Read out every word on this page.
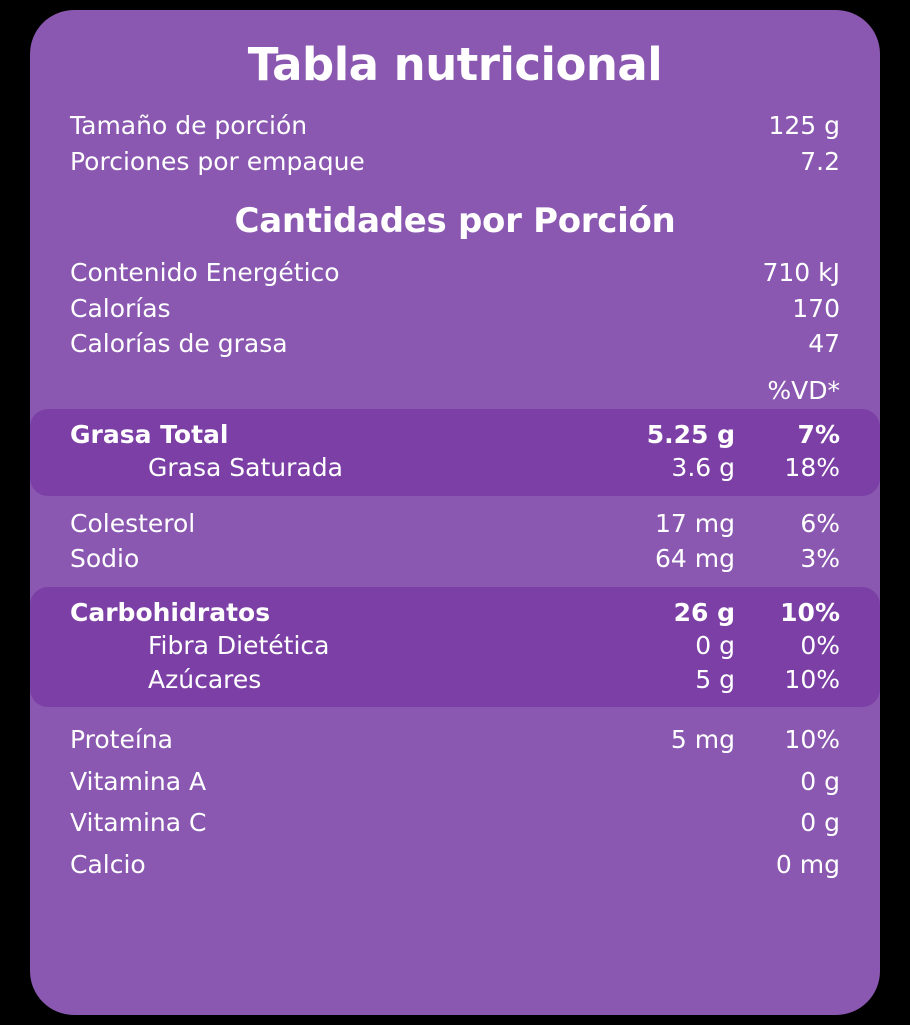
Tabla nutricional
Tamaño de porción	125 g
Porciones por empaque	7.2
Cantidades por Porción
Contenido Energético	710 kJ
Calorías	170
Calorías de grasa	47
%VD*
Grasa Total	5.25 g	7%
Grasa Saturada	3.6 g	18%
Colesterol	17 mg	6%
Sodio	64 mg	3%
Carbohidratos	26 g	10%
Fibra Dietética	0 g	0%
Azúcares	5 g	10%
Proteína	5 mg	10%
Vitamina A	0 g
Vitamina C	0 g
Calcio	0 mg
